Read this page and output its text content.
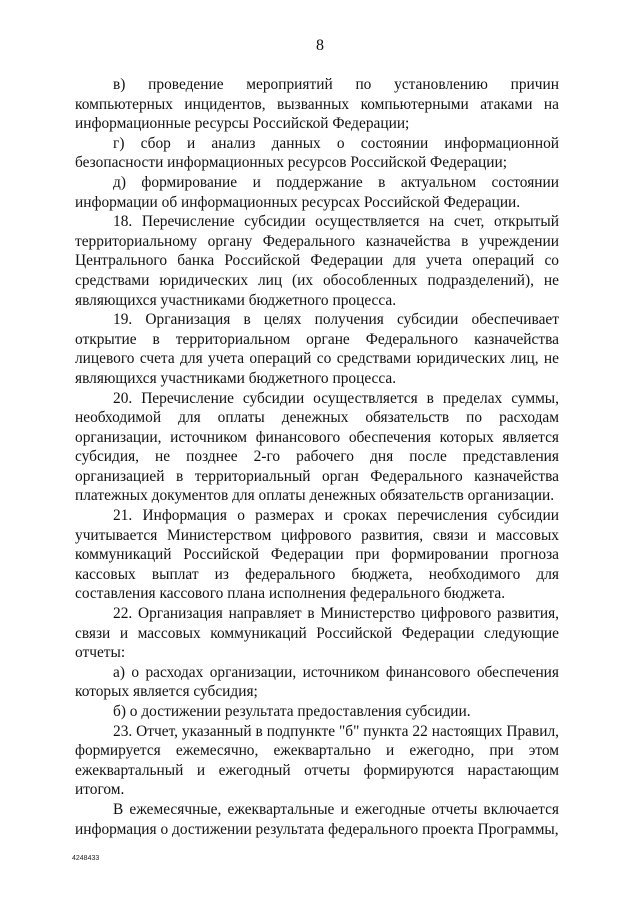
8

в) проведение мероприятий по установлению причин компьютерных инцидентов, вызванных компьютерными атаками на информационные ресурсы Российской Федерации;

г) сбор и анализ данных о состоянии информационной безопасности информационных ресурсов Российской Федерации;

д) формирование и поддержание в актуальном состоянии информации об информационных ресурсах Российской Федерации.

18. Перечисление субсидии осуществляется на счет, открытый территориальному органу Федерального казначейства в учреждении Центрального банка Российской Федерации для учета операций со средствами юридических лиц (их обособленных подразделений), не являющихся участниками бюджетного процесса.

19. Организация в целях получения субсидии обеспечивает открытие в территориальном органе Федерального казначейства лицевого счета для учета операций со средствами юридических лиц, не являющихся участниками бюджетного процесса.

20. Перечисление субсидии осуществляется в пределах суммы, необходимой для оплаты денежных обязательств по расходам организации, источником финансового обеспечения которых является субсидия, не позднее 2-го рабочего дня после представления организацией в территориальный орган Федерального казначейства платежных документов для оплаты денежных обязательств организации.

21. Информация о размерах и сроках перечисления субсидии учитывается Министерством цифрового развития, связи и массовых коммуникаций Российской Федерации при формировании прогноза кассовых выплат из федерального бюджета, необходимого для составления кассового плана исполнения федерального бюджета.

22. Организация направляет в Министерство цифрового развития, связи и массовых коммуникаций Российской Федерации следующие отчеты:

а) о расходах организации, источником финансового обеспечения которых является субсидия;

б) о достижении результата предоставления субсидии.

23. Отчет, указанный в подпункте "б" пункта 22 настоящих Правил, формируется ежемесячно, ежеквартально и ежегодно, при этом ежеквартальный и ежегодный отчеты формируются нарастающим итогом.

В ежемесячные, ежеквартальные и ежегодные отчеты включается информация о достижении результата федерального проекта Программы,

4248433
